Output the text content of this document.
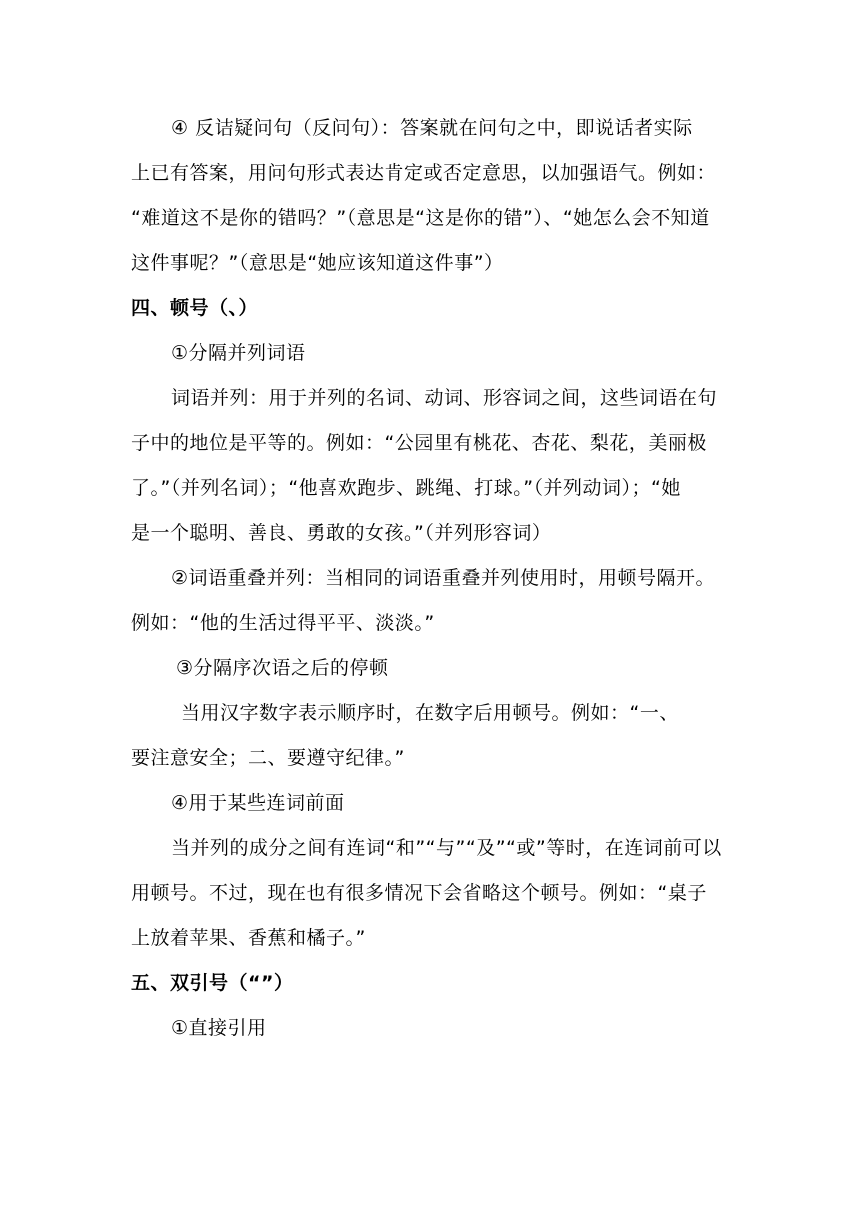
④ 反诘疑问句（反问句）：答案就在问句之中，即说话者实际
上已有答案，用问句形式表达肯定或否定意思，以加强语气。例如：
“难道这不是你的错吗？”（意思是“这是你的错”）、“她怎么会不知道
这件事呢？”（意思是“她应该知道这件事”）
四、顿号（、）
①分隔并列词语
词语并列：用于并列的名词、动词、形容词之间，这些词语在句
子中的地位是平等的。例如：“公园里有桃花、杏花、梨花，美丽极
了。”（并列名词）；“他喜欢跑步、跳绳、打球。”（并列动词）；“她
是一个聪明、善良、勇敢的女孩。”（并列形容词）
②词语重叠并列：当相同的词语重叠并列使用时，用顿号隔开。
例如：“他的生活过得平平、淡淡。”
③分隔序次语之后的停顿
当用汉字数字表示顺序时，在数字后用顿号。例如：“一、
要注意安全；二、要遵守纪律。”
④用于某些连词前面
当并列的成分之间有连词“和”“与”“及”“或”等时，在连词前可以
用顿号。不过，现在也有很多情况下会省略这个顿号。例如：“桌子
上放着苹果、香蕉和橘子。”
五、双引号（“”）
①直接引用
